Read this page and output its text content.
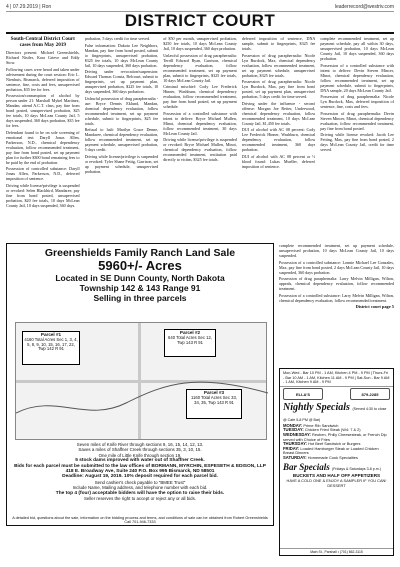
4 | 07.29.2019 | Ron	leaderrecord@westriv.com
DISTRICT COURT
South-Central District Court cases from May 2019

Directors present: Michael Greenshields, Richard Nistler, Kara Grieve and Eddy Stow.

Following cases were heard and taken under advisement during the court session: Eric L. Nienhuis, Bismarck, deferred imposition of sentence, fine, costs and fees, unsupervised probation, $35 fee for fees.

Possession/consumption of alcohol by person under 21: Marshall Mykel Martinez, Mandan, attend A.C.T. class, pay fine from bond posted, unsupervised probation, $25 fee totals, 10 days McLean County Jail, 5 days suspended, 360 days probation, $35 fee for fees.

Defendant found to be on sole screening of emotional test: Daryll Jonas Allen, Parkerson, N.D., chemical dependency evaluation, follow recommended treatment, pay fine from bond posted, set up payment plan for further $300 bond remaining fees to be paid by the end of probation.

Possession of controlled substance: Daryll Jonas Allen, Parkerson, N.D., deferred imposition of sentence.

Driving while license/privilege is suspended or revoked: Selen Blackbird, Mandaree, pay fine from bond posted, unsupervised probation, $20 fee totals, 10 days McLean County Jail, 10 days suspended, 360 days.

probation, 5 days credit for time served.

False information: Dakota Lee Neighbors, Mandan, pay fine from bond posted, submit to fingerprints, unsupervised probation, $325 fee totals, 10 days McLean County Jail, 10 days suspended, 360 days probation.

Driving under revocation/suspension: Edward Thomas Consta, Belcourt, submit to fingerprints, set up payment plan, unsupervised probation, $225 fee totals, 10 days suspended, 360 days probation.

Unlawful possession of drug paraphernalia - use: Bryce Dennis Eklund, Mandan, chemical dependency evaluation, follow recommended treatment, set up payment schedule, submit to fingerprints, $25 fee totals.

Refusal to halt: Marilyn Grace Denne, Mandaree, chemical dependency evaluation, follow recommended treatment, set up payment schedule, unsupervised probation, 5 days credit.

Driving while license/privilege is suspended or revoked: Tyler Shane Fettig, Garrison, set up payment schedule, unsupervised probation.

of $50 per month, unsupervised probation, $250 fee totals, 10 days McLean County Jail, 10 days suspended, 360 days probation.

Unlawful possession of drug paraphernalia: Terrill Edward Ryan, Garrison, chemical dependency evaluation, follow recommended treatment, set up payment plan, submit to fingerprints, $325 fee totals, 10 days McLean County Jail.

Criminal mischief: Cody Lee Frederick Hinner, Washburn, chemical dependency evaluation, follow recommended treatment, pay fine from bond posted, set up payment schedule.

Possession of a controlled substance with intent to deliver: Bryce Michael Mullen, Minot, chemical dependency evaluation, follow recommended treatment, 30 days McLean County Jail.

Driving while license/privilege is suspended or revoked: Bryce Michael Mullen, Minot, chemical dependency evaluation, follow recommended treatment, restitution paid directly to victim, $325 fee totals.

deferred imposition of sentence, DNA sample, submit to fingerprints, $325 fee totals.

Possession of drug paraphernalia: Nicole Lyn Burdock, Max, chemical dependency evaluation, follow recommended treatment, set up payment schedule, unsupervised probation, $325 fee totals.

Possession of drug paraphernalia: Nicole Lyn Burdock, Max, pay fine from bond posted, set up payment plan, unsupervised probation, 5 days credit for time served.

Driving under the influence - second offense: Morgan Joe Reiter, Underwood, chemical dependency evaluation, follow recommended treatment, 10 days McLean County Jail, $1,450 fee totals.

DUI of alcohol with AC 08 percent: Cody Lee Frederick Hinner, Washburn, chemical dependency evaluation, follow recommended treatment, 360 days probation.

DUI of alcohol with AC 08 percent or ½ blood found: Lukas Mueller, deferred imposition of sentence.

complete recommended treatment, set up payment schedule, pay all within 30 days, unsupervised probation, 10 days McLean County Jail, 10 days suspended, 360 days probation.

Possession of a controlled substance with intent to deliver: Devin Steven Mincer, Minot, chemical dependency evaluation, follow recommended treatment, set up payment schedule, submit to fingerprints, DNA sample, 20 days McLean County Jail.

Possession of drug paraphernalia: Nicole Lyn Burdock, Max, deferred imposition of sentence, fine, costs and fees.

Possession of drug paraphernalia: Devin Steven Mincer, Minot, chemical dependency evaluation, follow recommended treatment, pay fine from bond posted.

Driving while license revoked: Jacob Lee Fetting, Max, pay fine from bond posted, 2 days McLean County Jail, credit for time served.

Greenshields Family Ranch Land Sale
5960+/- Acres
Located in SE Dunn County, North Dakota
Township 142 & 143 Range 91
Selling in three parcels
Parcel #1
4160 Total Acres Sec 1, 3, 4, 5, 8, 9, 10, 15, 16, 17, 22, Twp 142 R 91
Parcel #2
640 Total Acres Sec 12, Twp 143 R 91
Parcel #3
1160 Total Acres Sec 33, 34, 35, Twp 143 R 91
Seven miles of Knife River through sections 9, 16, 15, 14, 12, 13.
Saves a miles of Shaffner Creek through sections 35, 3, 10, 15.
One mile of Little Knife through section 19.
5 stock dams improved with water out of Shaffner Creek.
Bids for each parcel must be submitted to the law offices of BORMANN, MYRCHIN, ESPESETH & EDISON, LLP
418 E. Broadway Ave, Suite 240 P.O. Box 995 Bismarck, ND 58501
Deadline: August 19, 2019. 10% deposit required for each parcel bid.
Send cashier's check payable to "BMEE Trust"
Include Name, Mailing address, and telephone number with each bid.
The top 4 (four) acceptable bidders will have the option to raise their bids.
Seller reserves the right to accept or reject any or all bids.
A detailed bid, questions about the sale, information on the bidding process and terms, and conditions of sale can be obtained from Robert Greenshields Call 701-946-7333

complete recommended treatment, set up payment schedule, unsupervised probation, 10 days McLean County Jail, 10 days suspended.

Possession of a controlled substance: Lonnie Michael Lee Gonzales, Max, pay fine from bond posted, 2 days McLean County Jail, 10 days suspended, 360 days probation.

Possession of drug paraphernalia: Larry Melvin Milligan, Wilton, appeals, chemical dependency evaluation, follow recommended treatment.

Possession of a controlled substance: Larry Melvin Milligan, Wilton, chemical dependency evaluation, follow recommended treatment.

District court page 5
Mon-Wed - Bar 10 PM - 1 AM, Kitchen 4 PM - 9 PM | Thurs-Fri - Bar 10 AM - 1 AM, Kitchen 11 AM - 9 PM | Sat-Sun - Bar 9 AM - 1 AM, Kitchen 9 AM - 9 PM
ELLA'S	879-2285
Nightly Specials (Served 4:30 to close @ Cafe 5-8 PM @ Bar)
MONDAY: Prime Rib Sandwich
TUESDAY: Chicken Fried Steak (W4: 7 & 2)
WEDNESDAY: Reuben, Philly Cheesesteak, or French Dip served with Choice of Fries
THURSDAY: Hot Beef Sandwich or Burgers
FRIDAY: Loaded Hamburger Steak or Loaded Chicken Breast Dinners
SATURDAY: Homemade Cook Specialties
Bar Specials (Fridays & Saturdays 3-8 p.m.)
BUCKETS AND HALF OFF APPETIZERS
HAVE A COLD ONE & ENJOY A SAMPLER IF YOU CAN! DESSERT
Main St., Parshall • (701) 862-3115
